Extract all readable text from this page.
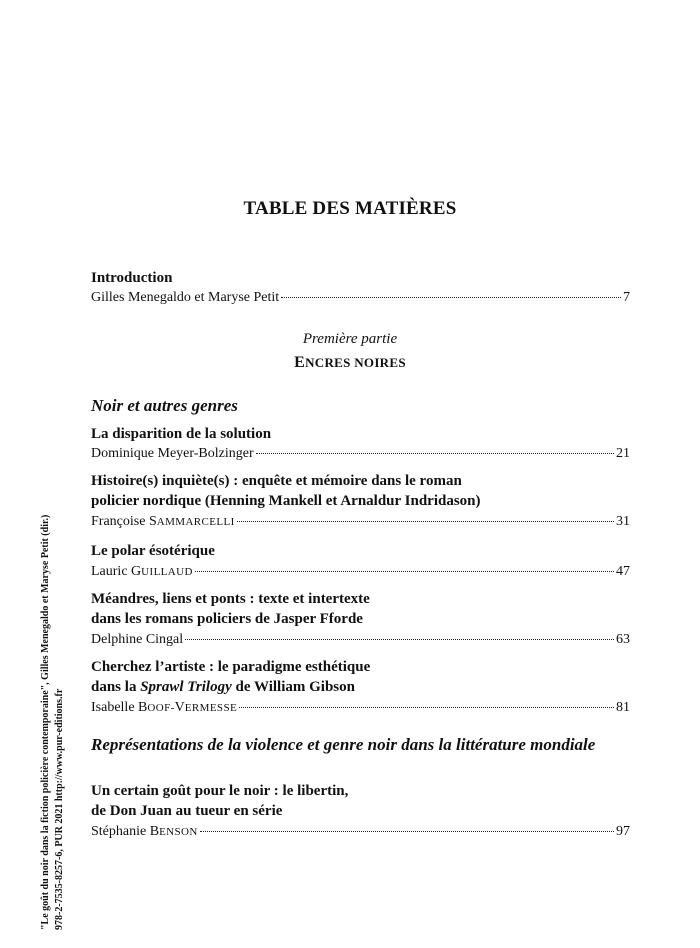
TABLE DES MATIÈRES
Introduction
Gilles Menegaldo et Maryse Petit	7
Première partie
ENCRES NOIRES
Noir et autres genres
La disparition de la solution
Dominique Meyer-Bolzinger	21
Histoire(s) inquiète(s) : enquête et mémoire dans le roman
policier nordique (Henning Mankell et Arnaldur Indridason)
Françoise SAMMARCELLI	31
Le polar ésotérique
Lauric GUILLAUD	47
Méandres, liens et ponts : texte et intertexte
dans les romans policiers de Jasper Fforde
Delphine Cingal	63
Cherchez l’artiste : le paradigme esthétique
dans la Sprawl Trilogy de William Gibson
Isabelle BOOF-VERMESSE	81
Représentations de la violence et genre noir dans la littérature mondiale
Un certain goût pour le noir : le libertin,
de Don Juan au tueur en série
Stéphanie BENSON	97
"Le goût du noir dans la fiction policière contemporaine", Gilles Menegaldo et Maryse Petit (dir.) 978-2-7535-8257-6, PUR 2021 http://www.pur-editions.fr
